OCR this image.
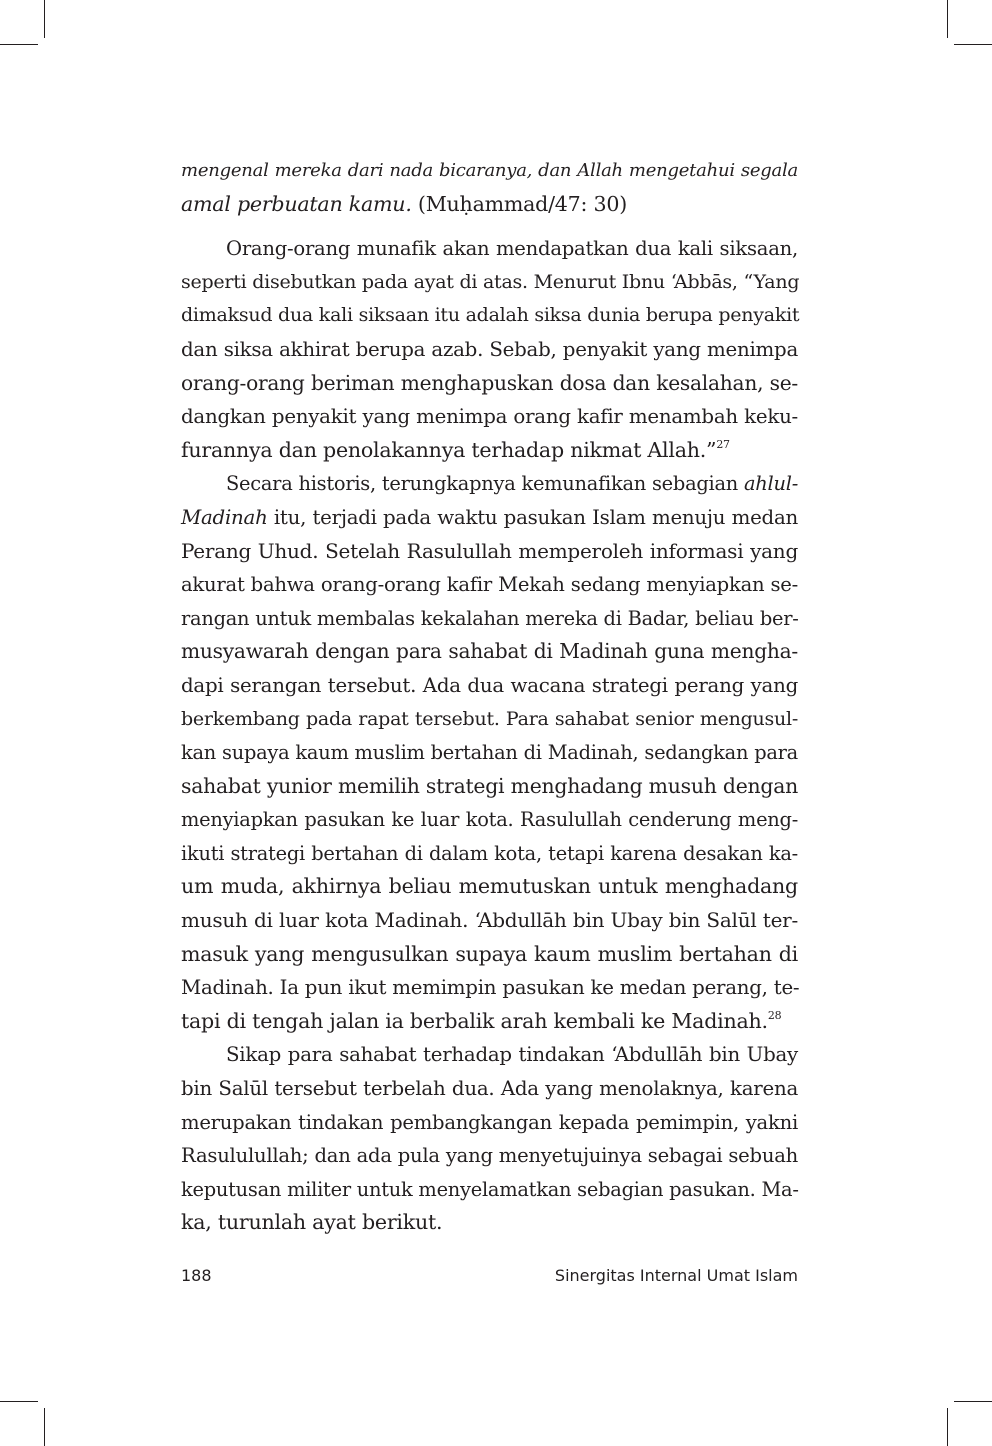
mengenal mereka dari nada bicaranya, dan Allah mengetahui segala
amal perbuatan kamu. (Muḥammad/47: 30)
Orang-orang munafik akan mendapatkan dua kali siksaan,
seperti disebutkan pada ayat di atas. Menurut Ibnu ‘Abbās, “Yang
dimaksud dua kali siksaan itu adalah siksa dunia berupa penyakit
dan siksa akhirat berupa azab. Sebab, penyakit yang menimpa
orang-orang beriman menghapuskan dosa dan kesalahan, se-
dangkan penyakit yang menimpa orang kafir menambah keku-
furannya dan penolakannya terhadap nikmat Allah.”$^{27}$
Secara historis, terungkapnya kemunafikan sebagian ahlul-
Madinah itu, terjadi pada waktu pasukan Islam menuju medan
Perang Uhud. Setelah Rasulullah memperoleh informasi yang
akurat bahwa orang-orang kafir Mekah sedang menyiapkan se-
rangan untuk membalas kekalahan mereka di Badar, beliau ber-
musyawarah dengan para sahabat di Madinah guna mengha-
dapi serangan tersebut. Ada dua wacana strategi perang yang
berkembang pada rapat tersebut. Para sahabat senior mengusul-
kan supaya kaum muslim bertahan di Madinah, sedangkan para
sahabat yunior memilih strategi menghadang musuh dengan
menyiapkan pasukan ke luar kota. Rasulullah cenderung meng-
ikuti strategi bertahan di dalam kota, tetapi karena desakan ka-
um muda, akhirnya beliau memutuskan untuk menghadang
musuh di luar kota Madinah. ‘Abdullāh bin Ubay bin Salūl ter-
masuk yang mengusulkan supaya kaum muslim bertahan di
Madinah. Ia pun ikut memimpin pasukan ke medan perang, te-
tapi di tengah jalan ia berbalik arah kembali ke Madinah.$^{28}$
Sikap para sahabat terhadap tindakan ‘Abdullāh bin Ubay
bin Salūl tersebut terbelah dua. Ada yang menolaknya, karena
merupakan tindakan pembangkangan kepada pemimpin, yakni
Rasululullah; dan ada pula yang menyetujuinya sebagai sebuah
keputusan militer untuk menyelamatkan sebagian pasukan. Ma-
ka, turunlah ayat berikut.
188	Sinergitas Internal Umat Islam
